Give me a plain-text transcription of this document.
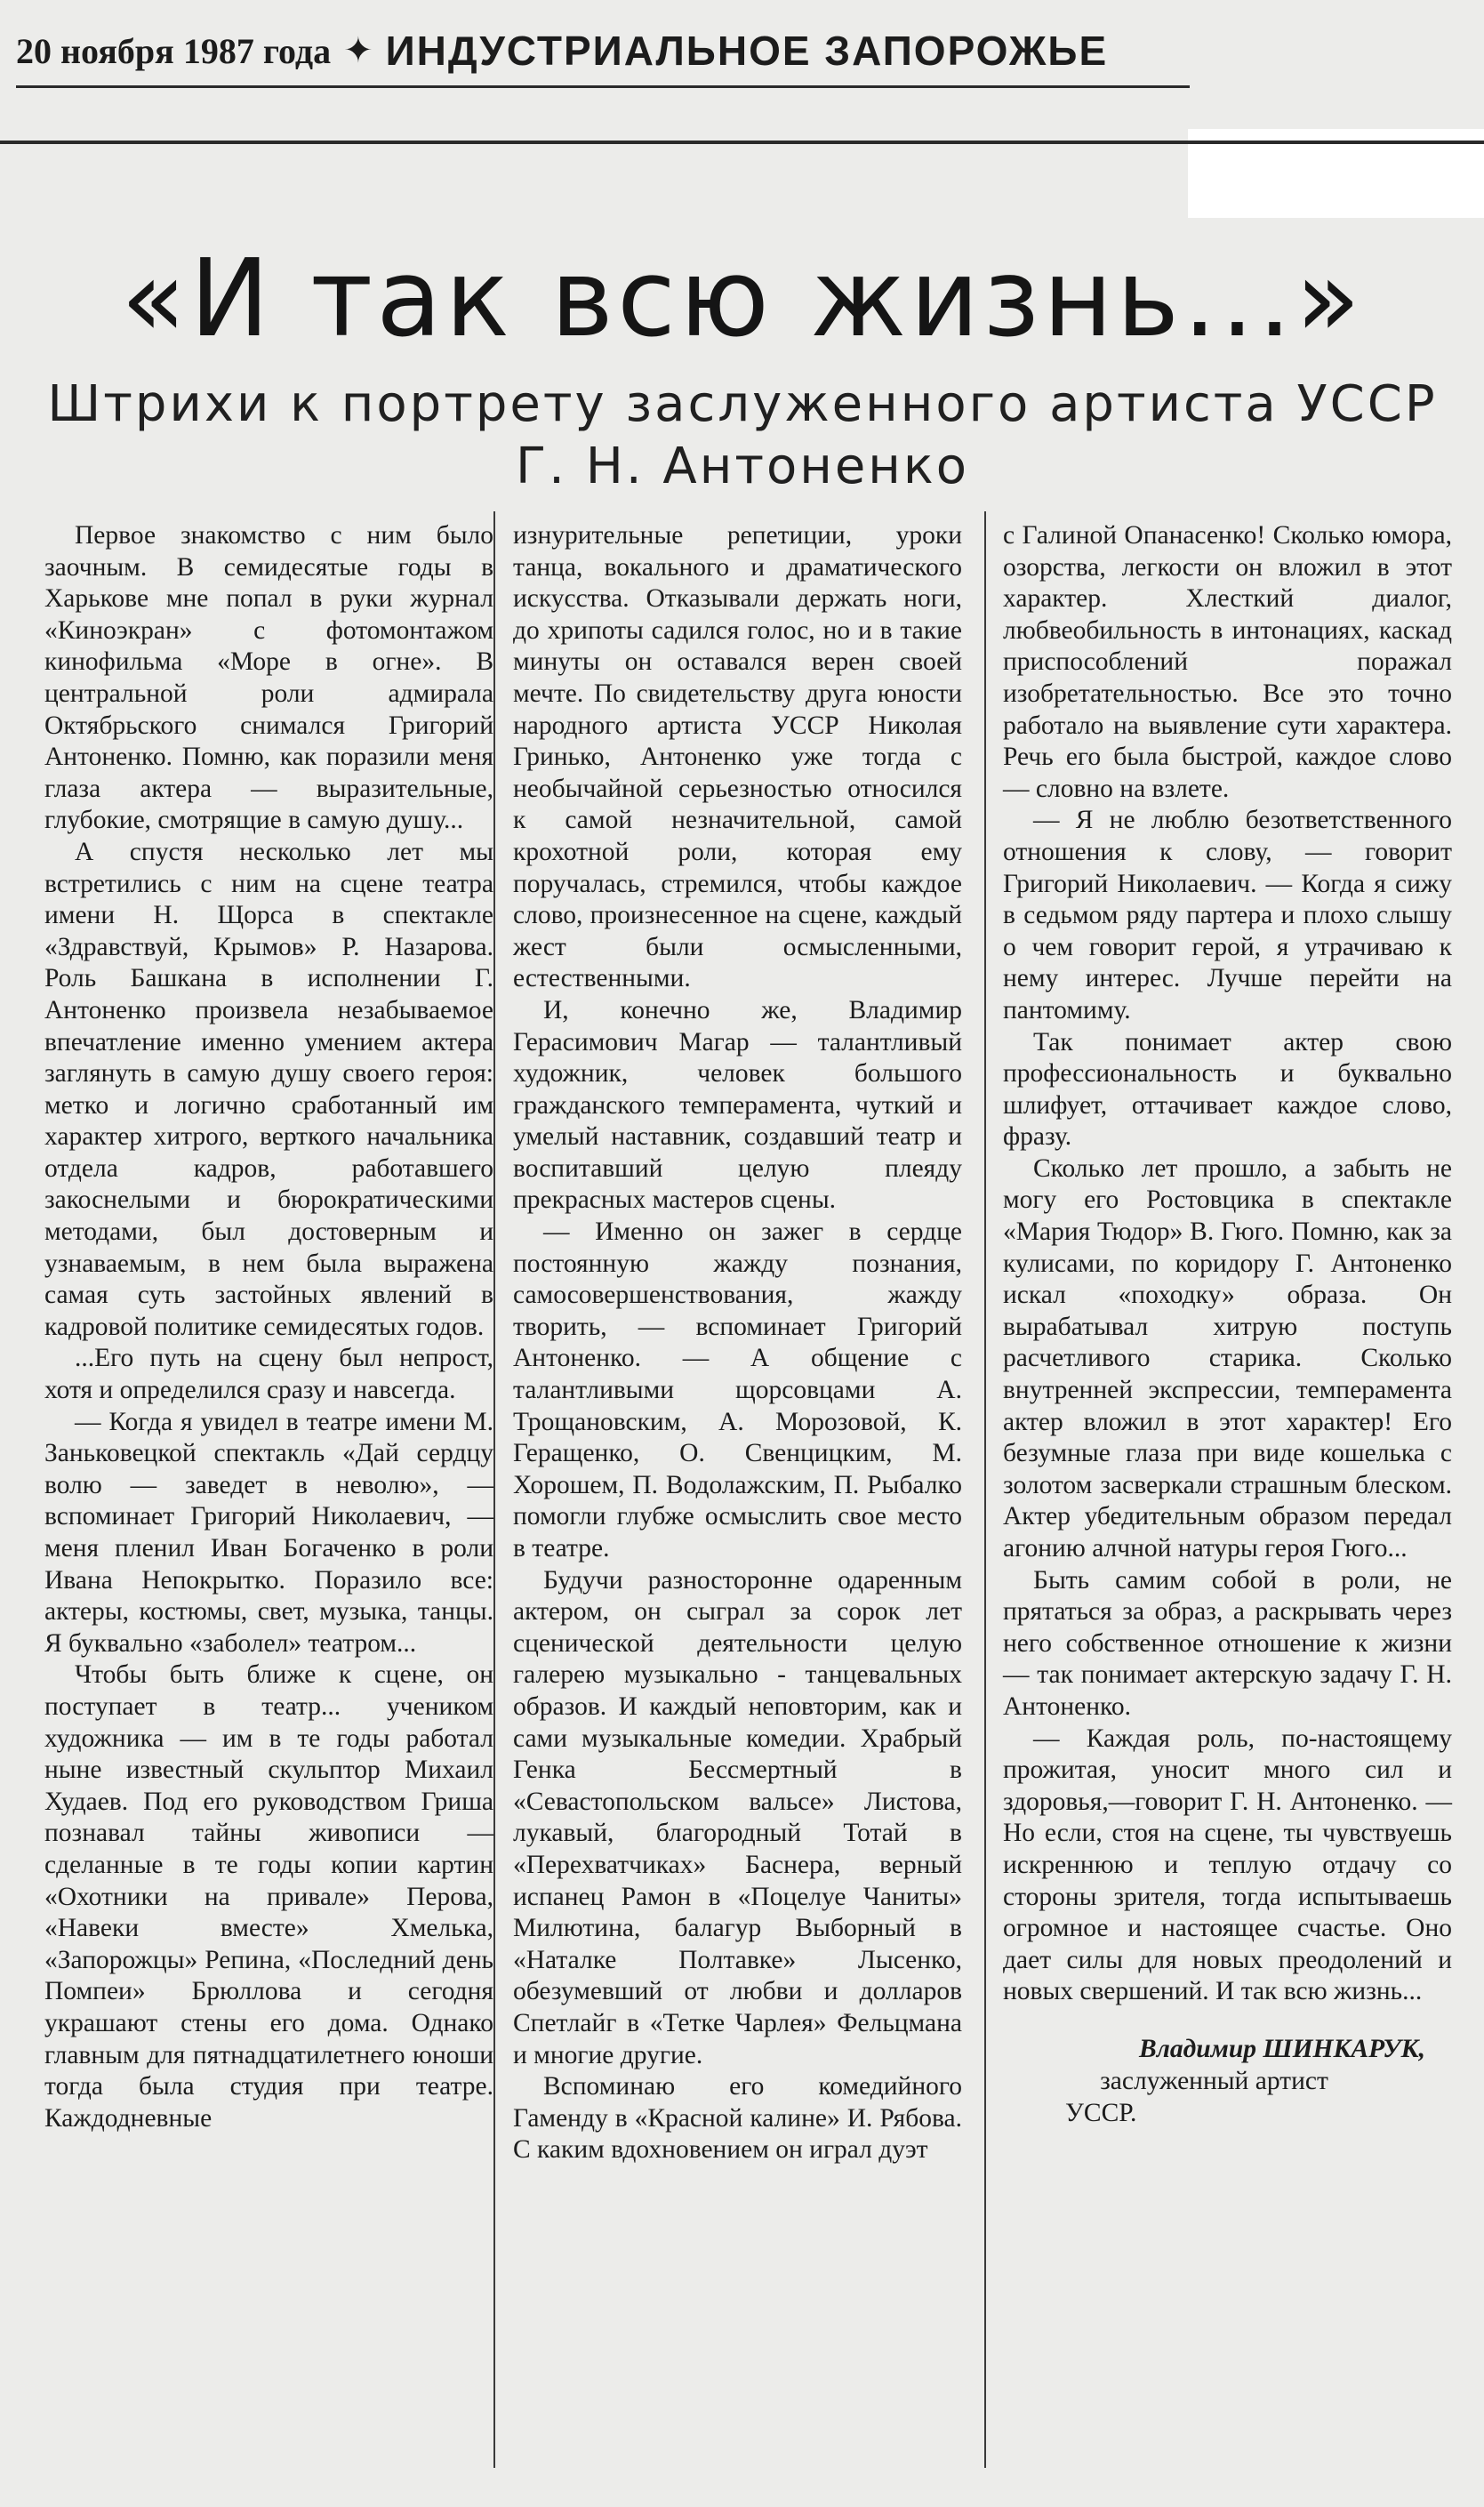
20 ноября 1987 года ✦ ИНДУСТРИАЛЬНОЕ ЗАПОРОЖЬЕ
«И так всю жизнь...»
Штрихи к портрету заслуженного артиста УССР
Г. Н. Антоненко

Первое знакомство с ним было заочным. В семидесятые годы в Харькове мне попал в руки журнал «Киноэкран» с фотомонтажом кинофильма «Море в огне». В центральной роли адмирала Октябрьского снимался Григорий Антоненко. Помню, как поразили меня глаза актера — выразительные, глубокие, смотрящие в самую душу...

А спустя несколько лет мы встретились с ним на сцене театра имени Н. Щорса в спектакле «Здравствуй, Крымов» Р. Назарова. Роль Башкана в исполнении Г. Антоненко произвела незабываемое впечатление именно умением актера заглянуть в самую душу своего героя: метко и логично сработанный им характер хитрого, верткого начальника отдела кадров, работавшего закоснелыми и бюрократическими методами, был достоверным и узнаваемым, в нем была выражена самая суть застойных явлений в кадровой политике семидесятых годов.

...Его путь на сцену был непрост, хотя и определился сразу и навсегда.

— Когда я увидел в театре имени М. Заньковецкой спектакль «Дай сердцу волю — заведет в неволю», — вспоминает Григорий Николаевич, — меня пленил Иван Богаченко в роли Ивана Непокрытко. Поразило все: актеры, костюмы, свет, музыка, танцы. Я буквально «заболел» театром...

Чтобы быть ближе к сцене, он поступает в театр... учеником художника — им в те годы работал ныне известный скульптор Михаил Худаев. Под его руководством Гриша познавал тайны живописи — сделанные в те годы копии картин «Охотники на привале» Перова, «Навеки вместе» Хмелька, «Запорожцы» Репина, «Последний день Помпеи» Брюллова и сегодня украшают стены его дома. Однако главным для пятнадцатилетнего юноши тогда была студия при театре. Каждодневные

изнурительные репетиции, уроки танца, вокального и драматического искусства. Отказывали держать ноги, до хрипоты садился голос, но и в такие минуты он оставался верен своей мечте. По свидетельству друга юности народного артиста УССР Николая Гринько, Антоненко уже тогда с необычайной серьезностью относился к самой незначительной, самой крохотной роли, которая ему поручалась, стремился, чтобы каждое слово, произнесенное на сцене, каждый жест были осмысленными, естественными.

И, конечно же, Владимир Герасимович Магар — талантливый художник, человек большого гражданского темперамента, чуткий и умелый наставник, создавший театр и воспитавший целую плеяду прекрасных мастеров сцены.

— Именно он зажег в сердце постоянную жажду познания, самосовершенствования, жажду творить, — вспоминает Григорий Антоненко. — А общение с талантливыми щорсовцами А. Трощановским, А. Морозовой, К. Геращенко, О. Свенцицким, М. Хорошем, П. Водолажским, П. Рыбалко помогли глубже осмыслить свое место в театре.

Будучи разносторонне одаренным актером, он сыграл за сорок лет сценической деятельности целую галерею музыкально - танцевальных образов. И каждый неповторим, как и сами музыкальные комедии. Храбрый Генка Бессмертный в «Севастопольском вальсе» Листова, лукавый, благородный Тотай в «Перехватчиках» Баснера, верный испанец Рамон в «Поцелуе Чаниты» Милютина, балагур Выборный в «Наталке Полтавке» Лысенко, обезумевший от любви и долларов Спетлайг в «Тетке Чарлея» Фельцмана и многие другие.

Вспоминаю его комедийного Гаменду в «Красной калине» И. Рябова. С каким вдохновением он играл дуэт

с Галиной Опанасенко! Сколько юмора, озорства, легкости он вложил в этот характер. Хлесткий диалог, любвеобильность в интонациях, каскад приспособлений поражал изобретательностью. Все это точно работало на выявление сути характера. Речь его была быстрой, каждое слово — словно на взлете.

— Я не люблю безответственного отношения к слову, — говорит Григорий Николаевич. — Когда я сижу в седьмом ряду партера и плохо слышу о чем говорит герой, я утрачиваю к нему интерес. Лучше перейти на пантомиму.

Так понимает актер свою профессиональность и буквально шлифует, оттачивает каждое слово, фразу.

Сколько лет прошло, а забыть не могу его Ростовцика в спектакле «Мария Тюдор» В. Гюго. Помню, как за кулисами, по коридору Г. Антоненко искал «походку» образа. Он вырабатывал хитрую поступь расчетливого старика. Сколько внутренней экспрессии, темперамента актер вложил в этот характер! Его безумные глаза при виде кошелька с золотом засверкали страшным блеском. Актер убедительным образом передал агонию алчной натуры героя Гюго...

Быть самим собой в роли, не прятаться за образ, а раскрывать через него собственное отношение к жизни — так понимает актерскую задачу Г. Н. Антоненко.

— Каждая роль, по-настоящему прожитая, уносит много сил и здоровья,—говорит Г. Н. Антоненко. — Но если, стоя на сцене, ты чувствуешь искреннюю и теплую отдачу со стороны зрителя, тогда испытываешь огромное и настоящее счастье. Оно дает силы для новых преодолений и новых свершений. И так всю жизнь...

Владимир ШИНКАРУК,
заслуженный артист
УССР.
